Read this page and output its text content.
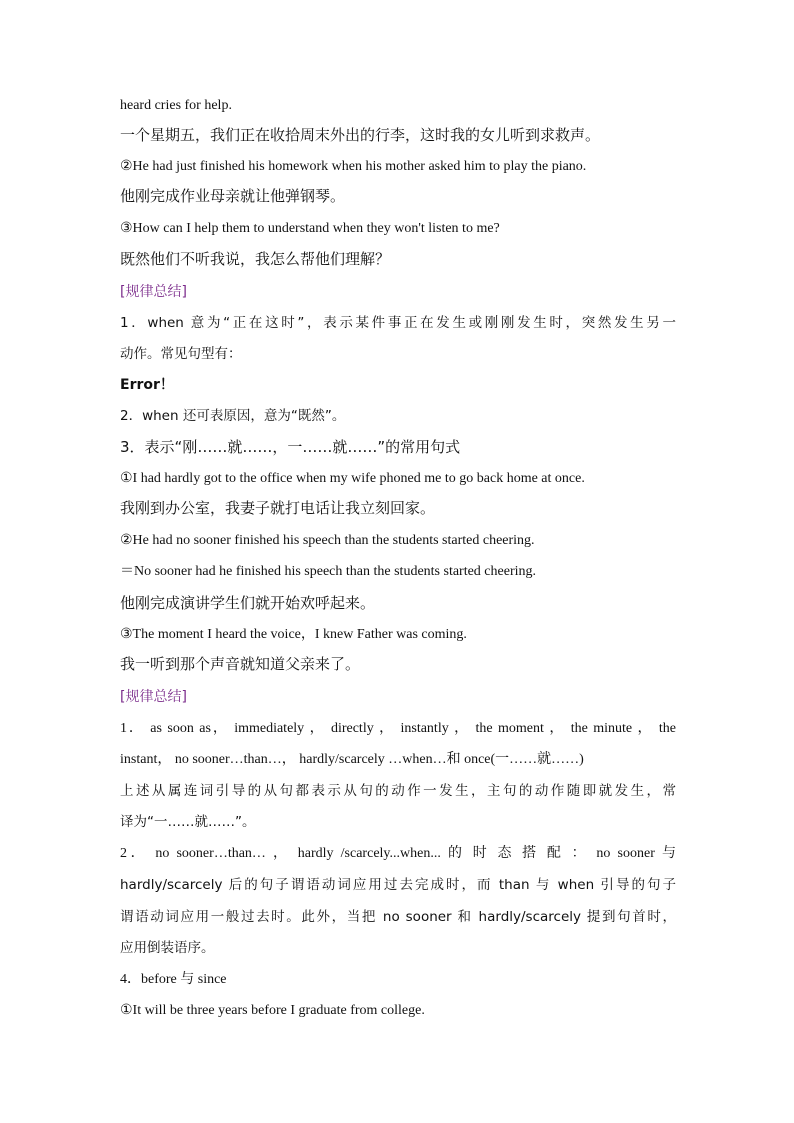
heard cries for help.
一个星期五，我们正在收拾周末外出的行李，这时我的女儿听到求救声。
②He had just finished his homework when his mother asked him to play the piano.
他刚完成作业母亲就让他弹钢琴。
③How can I help them to understand when they won't listen to me?
既然他们不听我说，我怎么帮他们理解？
[规律总结]
1．when 意为“正在这时”，表示某件事正在发生或刚刚发生时，突然发生另一
动作。常见句型有：
Error！
2．when 还可表原因，意为“既然”。
3．表示“刚……就……，一……就……”的常用句式
①I had hardly got to the office when my wife phoned me to go back home at once.
我刚到办公室，我妻子就打电话让我立刻回家。
②He had no sooner finished his speech than the students started cheering.
＝No sooner had he finished his speech than the students started cheering.
他刚完成演讲学生们就开始欢呼起来。
③The moment I heard the voice，I knew Father was coming.
我一听到那个声音就知道父亲来了。
[规律总结]
1． as soon as， immediately ， directly ， instantly ， the moment ， the minute ， the
instant， no sooner…than…， hardly/scarcely …when…和 once(一……就……)
上述从属连词引导的从句都表示从句的动作一发生，主句的动作随即就发生，常
译为“一……就……”。
2． no sooner…than… ， hardly /scarcely...when... 的 时 态 搭 配 ： no sooner 与
hardly/scarcely 后的句子谓语动词应用过去完成时，而 than 与 when 引导的句子
谓语动词应用一般过去时。此外，当把 no sooner 和 hardly/scarcely 提到句首时，
应用倒装语序。
4．before 与 since
①It will be three years before I graduate from college.
